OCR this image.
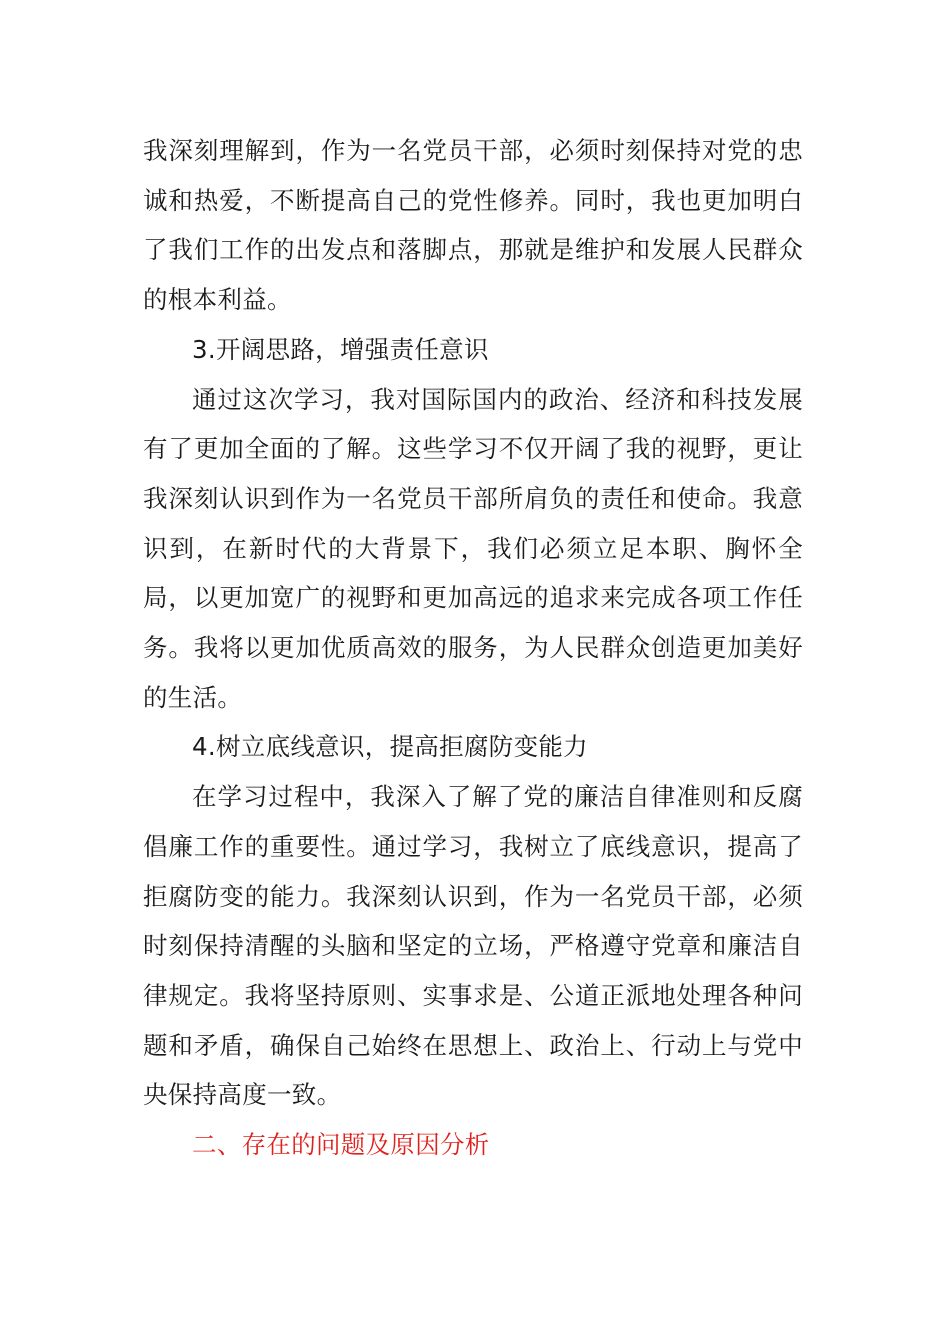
我深刻理解到，作为一名党员干部，必须时刻保持对党的忠诚和热爱，不断提高自己的党性修养。同时，我也更加明白了我们工作的出发点和落脚点，那就是维护和发展人民群众的根本利益。

3.开阔思路，增强责任意识

通过这次学习，我对国际国内的政治、经济和科技发展有了更加全面的了解。这些学习不仅开阔了我的视野，更让我深刻认识到作为一名党员干部所肩负的责任和使命。我意识到，在新时代的大背景下，我们必须立足本职、胸怀全局，以更加宽广的视野和更加高远的追求来完成各项工作任务。我将以更加优质高效的服务，为人民群众创造更加美好的生活。

4.树立底线意识，提高拒腐防变能力

在学习过程中，我深入了解了党的廉洁自律准则和反腐倡廉工作的重要性。通过学习，我树立了底线意识，提高了拒腐防变的能力。我深刻认识到，作为一名党员干部，必须时刻保持清醒的头脑和坚定的立场，严格遵守党章和廉洁自律规定。我将坚持原则、实事求是、公道正派地处理各种问题和矛盾，确保自己始终在思想上、政治上、行动上与党中央保持高度一致。

二、存在的问题及原因分析
